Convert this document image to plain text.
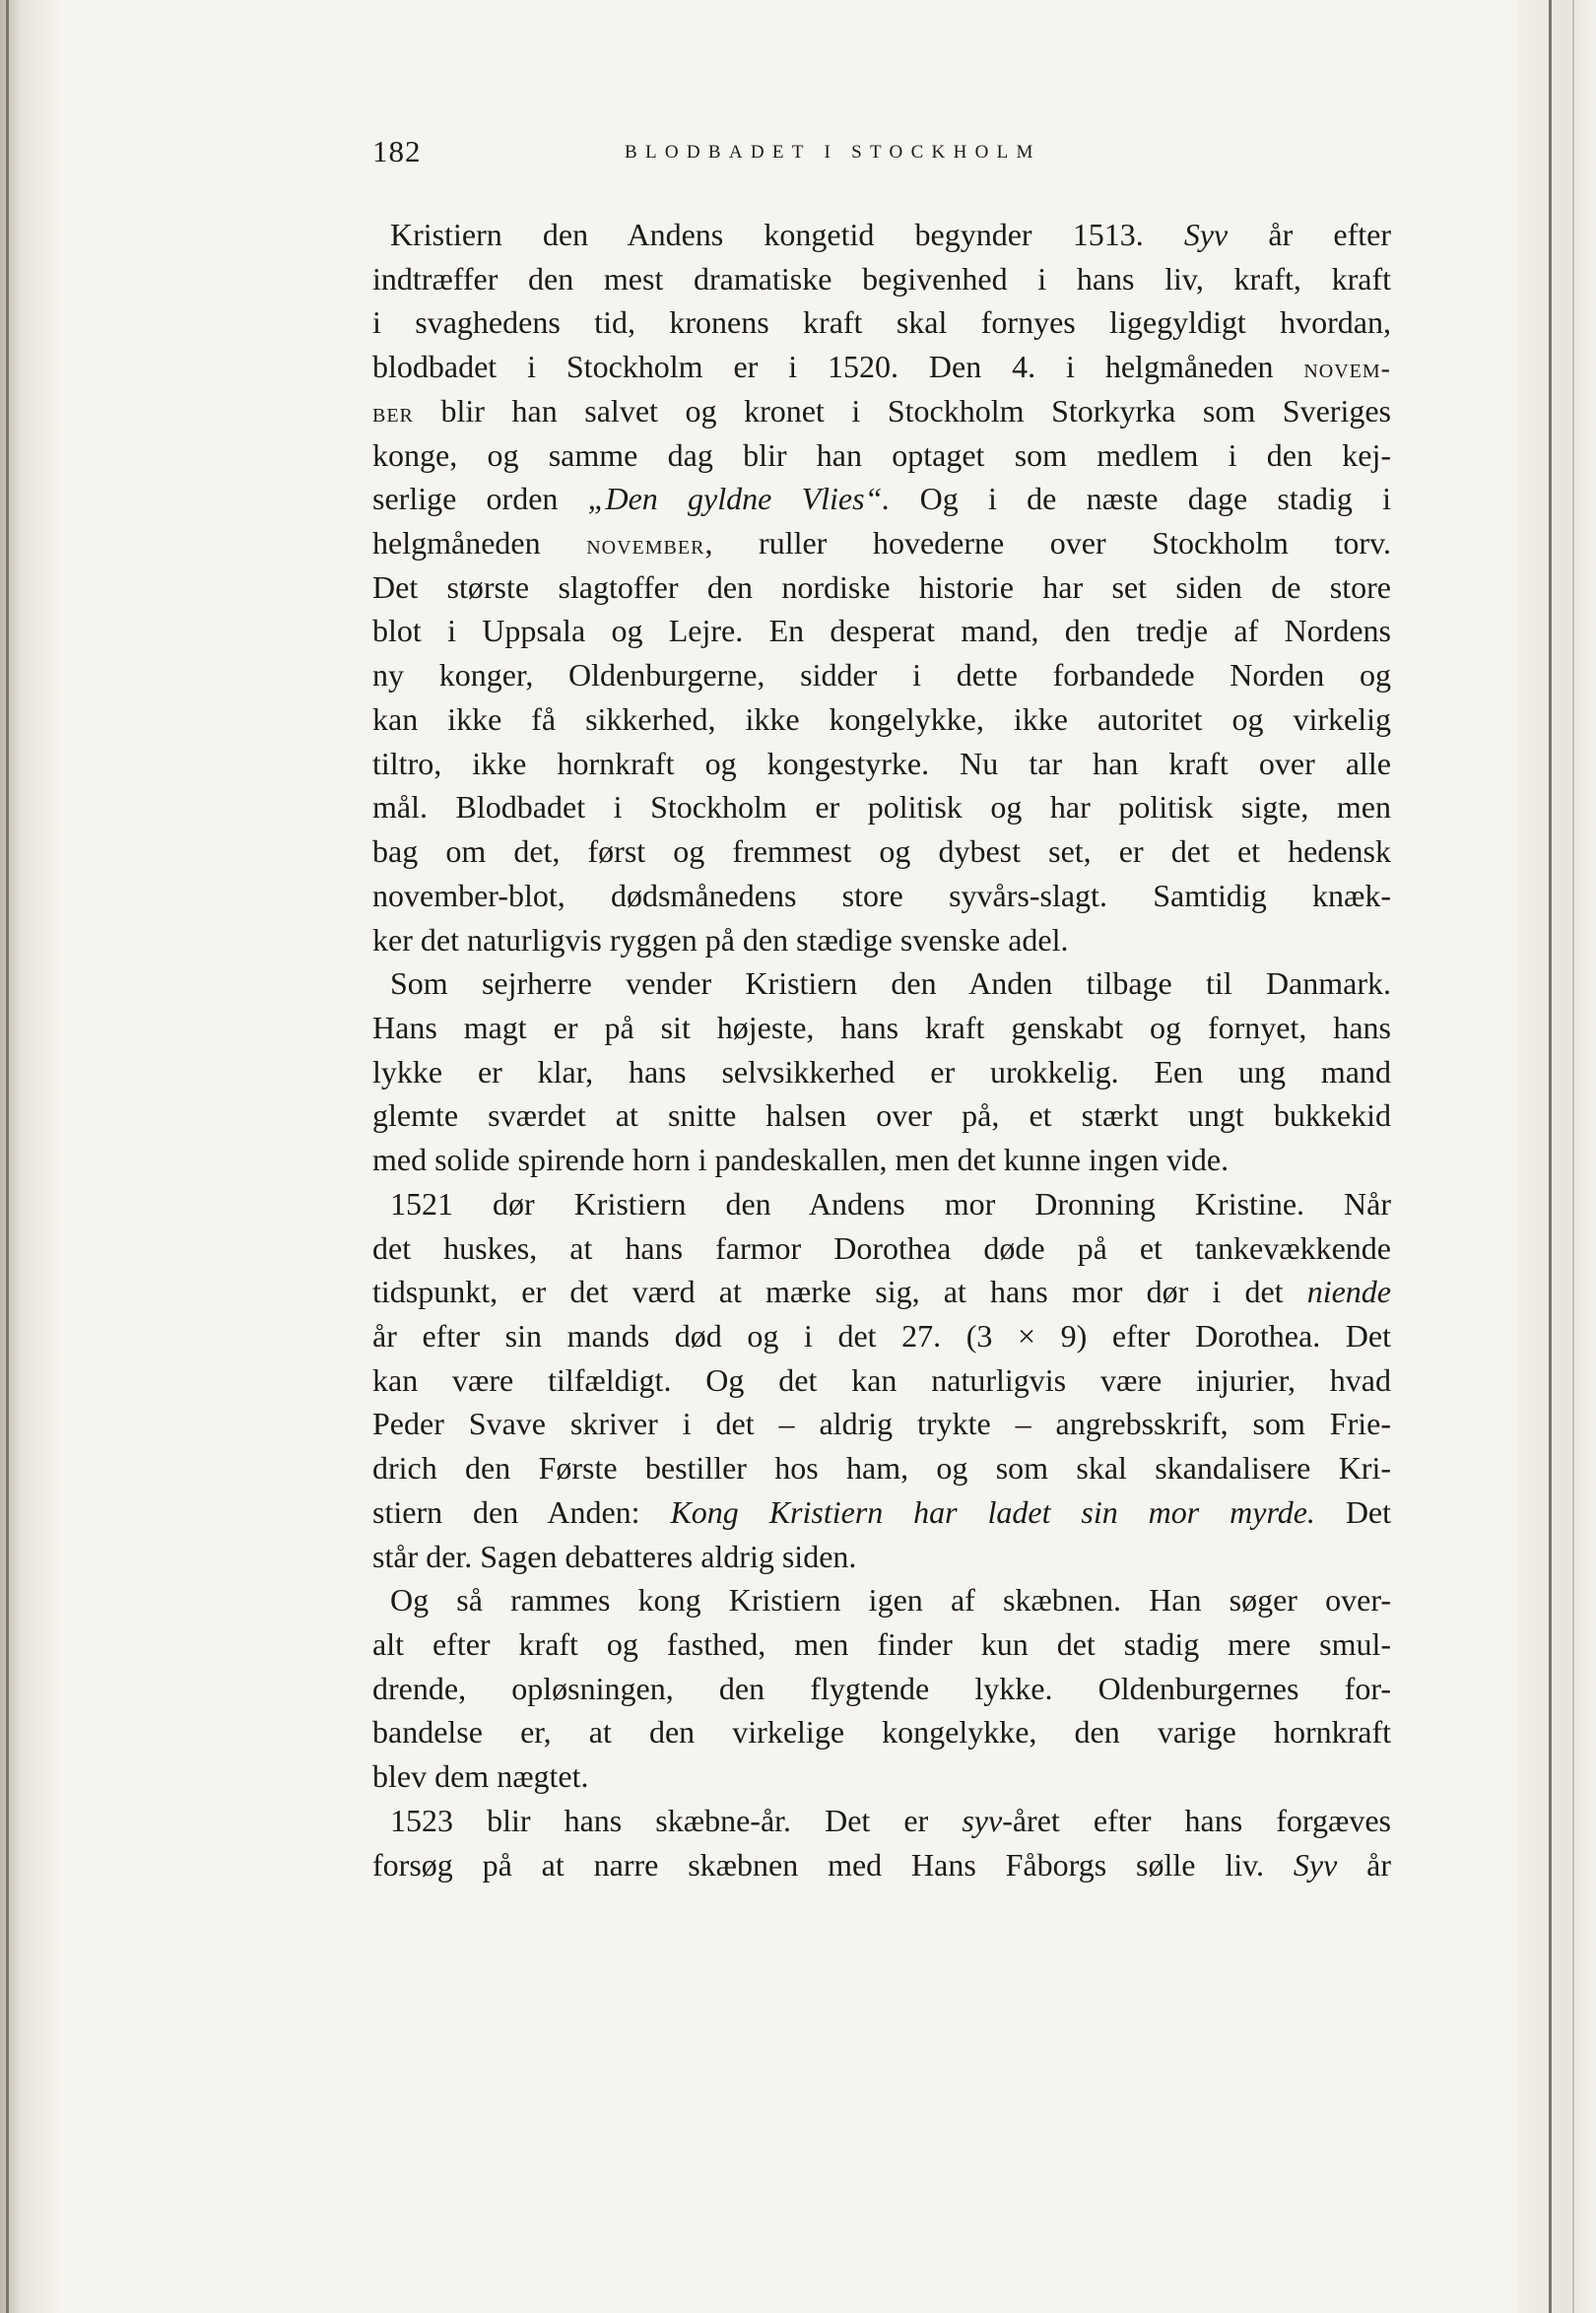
182	BLODBADET I STOCKHOLM
Kristiern den Andens kongetid begynder 1513. Syv år efter
indtræffer den mest dramatiske begivenhed i hans liv, kraft, kraft
i svaghedens tid, kronens kraft skal fornyes ligegyldigt hvordan,
blodbadet i Stockholm er i 1520. Den 4. i helgmåneden novem-
ber blir han salvet og kronet i Stockholm Storkyrka som Sveriges
konge, og samme dag blir han optaget som medlem i den kej-
serlige orden „Den gyldne Vlies“. Og i de næste dage stadig i
helgmåneden november, ruller hovederne over Stockholm torv.
Det største slagtoffer den nordiske historie har set siden de store
blot i Uppsala og Lejre. En desperat mand, den tredje af Nordens
ny konger, Oldenburgerne, sidder i dette forbandede Norden og
kan ikke få sikkerhed, ikke kongelykke, ikke autoritet og virkelig
tiltro, ikke hornkraft og kongestyrke. Nu tar han kraft over alle
mål. Blodbadet i Stockholm er politisk og har politisk sigte, men
bag om det, først og fremmest og dybest set, er det et hedensk
november-blot, dødsmånedens store syvårs-slagt. Samtidig knæk-
ker det naturligvis ryggen på den stædige svenske adel.
Som sejrherre vender Kristiern den Anden tilbage til Danmark.
Hans magt er på sit højeste, hans kraft genskabt og fornyet, hans
lykke er klar, hans selvsikkerhed er urokkelig. Een ung mand
glemte sværdet at snitte halsen over på, et stærkt ungt bukkekid
med solide spirende horn i pandeskallen, men det kunne ingen vide.
1521 dør Kristiern den Andens mor Dronning Kristine. Når
det huskes, at hans farmor Dorothea døde på et tankevækkende
tidspunkt, er det værd at mærke sig, at hans mor dør i det niende
år efter sin mands død og i det 27. (3 × 9) efter Dorothea. Det
kan være tilfældigt. Og det kan naturligvis være injurier, hvad
Peder Svave skriver i det – aldrig trykte – angrebsskrift, som Frie-
drich den Første bestiller hos ham, og som skal skandalisere Kri-
stiern den Anden: Kong Kristiern har ladet sin mor myrde. Det
står der. Sagen debatteres aldrig siden.
Og så rammes kong Kristiern igen af skæbnen. Han søger over-
alt efter kraft og fasthed, men finder kun det stadig mere smul-
drende, opløsningen, den flygtende lykke. Oldenburgernes for-
bandelse er, at den virkelige kongelykke, den varige hornkraft
blev dem nægtet.
1523 blir hans skæbne-år. Det er syv-året efter hans forgæves
forsøg på at narre skæbnen med Hans Fåborgs sølle liv. Syv år
